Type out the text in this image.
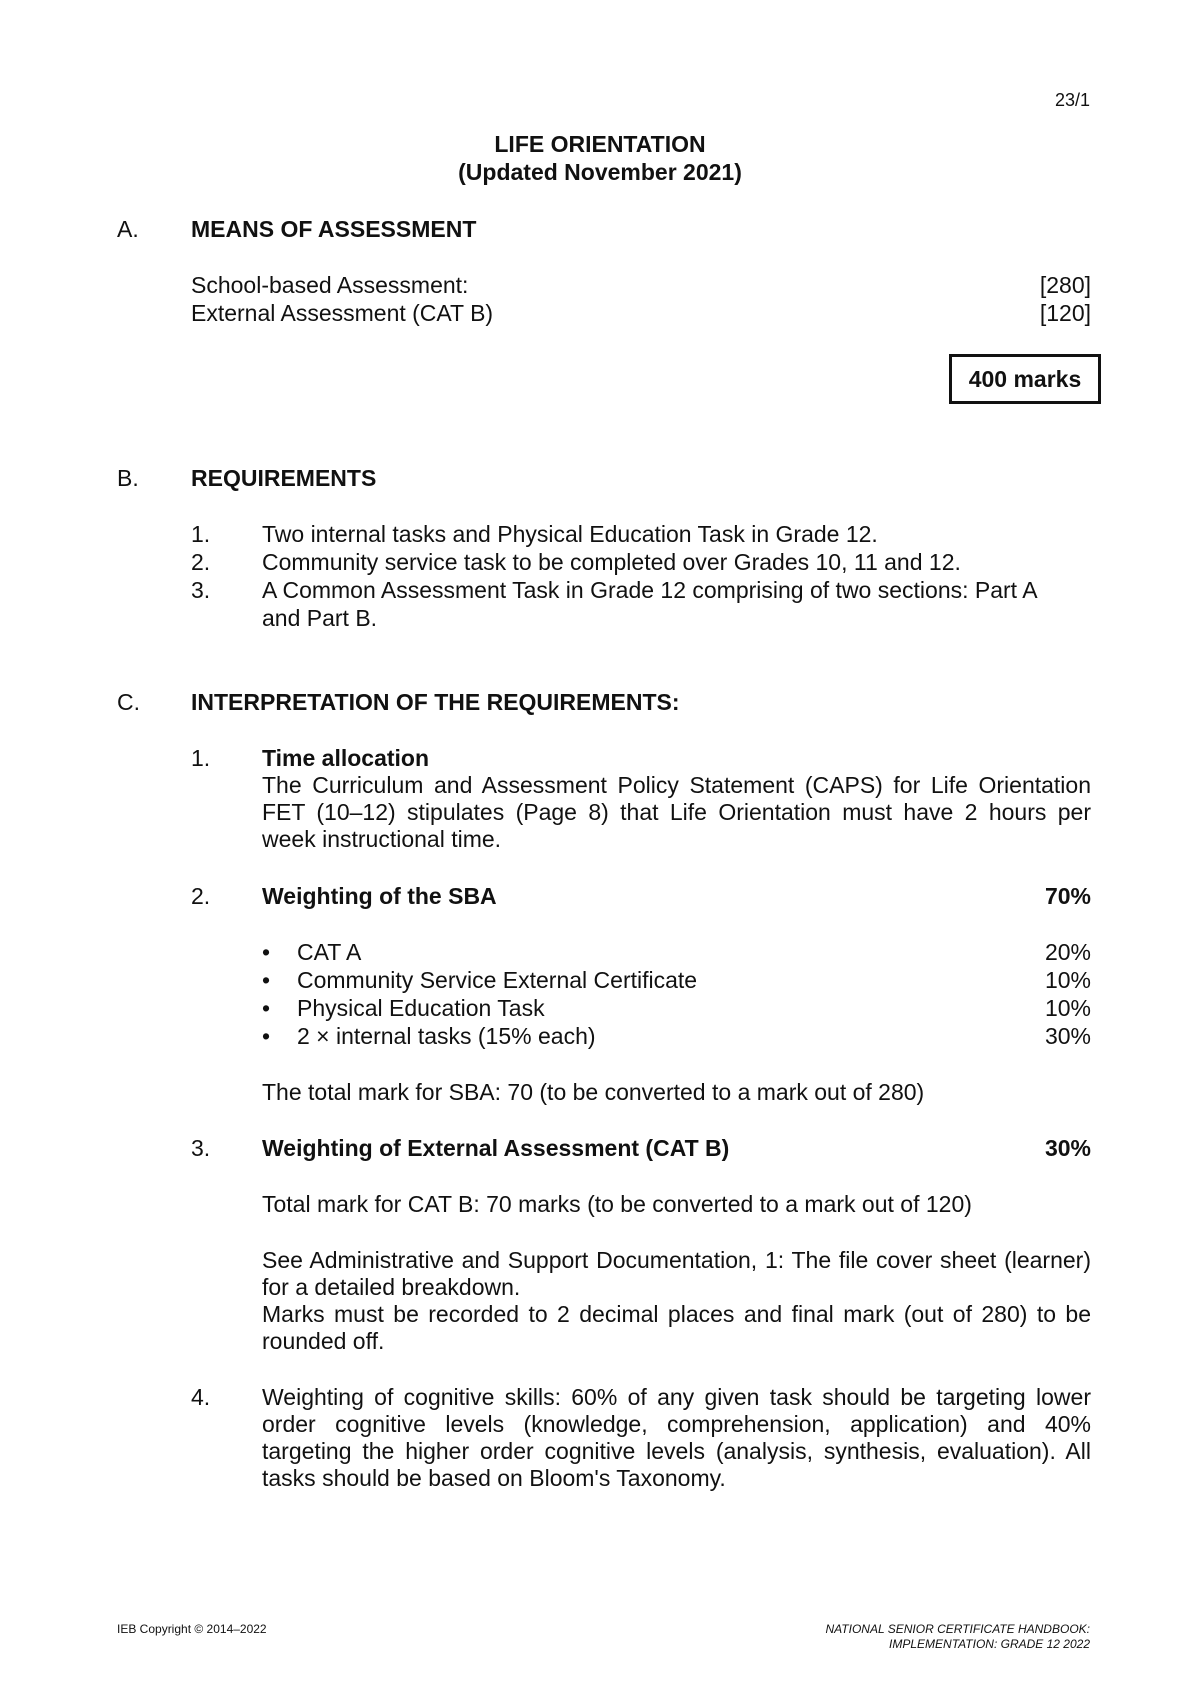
23/1
LIFE ORIENTATION
(Updated November 2021)
A. MEANS OF ASSESSMENT
School-based Assessment:	[280]
External Assessment (CAT B)	[120]
400 marks
B. REQUIREMENTS
1. Two internal tasks and Physical Education Task in Grade 12.
2. Community service task to be completed over Grades 10, 11 and 12.
3. A Common Assessment Task in Grade 12 comprising of two sections: Part A
and Part B.
C. INTERPRETATION OF THE REQUIREMENTS:
1. Time allocation
The Curriculum and Assessment Policy Statement (CAPS) for Life Orientation FET (10–12) stipulates (Page 8) that Life Orientation must have 2 hours per week instructional time.
2. Weighting of the SBA	70%
•	CAT A	20%
•	Community Service External Certificate	10%
•	Physical Education Task	10%
•	2 × internal tasks (15% each)	30%
The total mark for SBA: 70 (to be converted to a mark out of 280)
3. Weighting of External Assessment (CAT B)	30%
Total mark for CAT B: 70 marks (to be converted to a mark out of 120)
See Administrative and Support Documentation, 1: The file cover sheet (learner) for a detailed breakdown.
Marks must be recorded to 2 decimal places and final mark (out of 280) to be rounded off.
4. Weighting of cognitive skills: 60% of any given task should be targeting lower order cognitive levels (knowledge, comprehension, application) and 40% targeting the higher order cognitive levels (analysis, synthesis, evaluation). All tasks should be based on Bloom's Taxonomy.
IEB Copyright © 2014–2022	NATIONAL SENIOR CERTIFICATE HANDBOOK:
IMPLEMENTATION: GRADE 12 2022
